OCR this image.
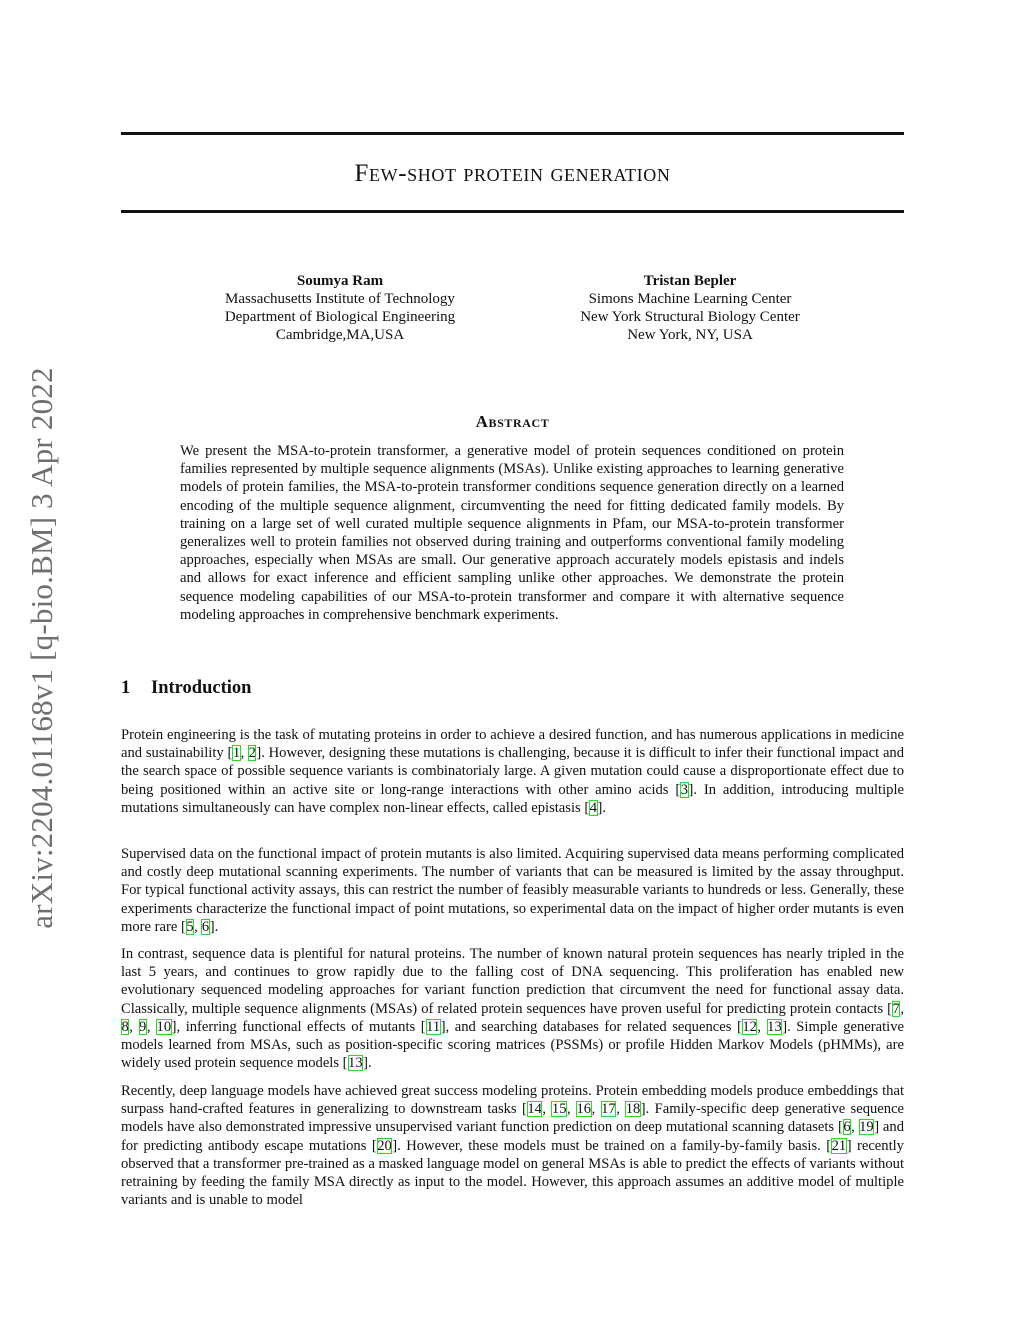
arXiv:2204.01168v1 [q-bio.BM] 3 Apr 2022
Few-shot protein generation
Soumya Ram
Massachusetts Institute of Technology
Department of Biological Engineering
Cambridge,MA,USA
Tristan Bepler
Simons Machine Learning Center
New York Structural Biology Center
New York, NY, USA
Abstract

We present the MSA-to-protein transformer, a generative model of protein sequences conditioned on protein families represented by multiple sequence alignments (MSAs). Unlike existing approaches to learning generative models of protein families, the MSA-to-protein transformer conditions sequence generation directly on a learned encoding of the multiple sequence alignment, circumventing the need for fitting dedicated family models. By training on a large set of well curated multiple sequence alignments in Pfam, our MSA-to-protein transformer generalizes well to protein families not observed during training and outperforms conventional family modeling approaches, especially when MSAs are small. Our generative approach accurately models epistasis and indels and allows for exact inference and efficient sampling unlike other approaches. We demonstrate the protein sequence modeling capabilities of our MSA-to-protein transformer and compare it with alternative sequence modeling approaches in comprehensive benchmark experiments.

1 Introduction

Protein engineering is the task of mutating proteins in order to achieve a desired function, and has numerous applications in medicine and sustainability [1, 2]. However, designing these mutations is challenging, because it is difficult to infer their functional impact and the search space of possible sequence variants is combinatorialy large. A given mutation could cause a disproportionate effect due to being positioned within an active site or long-range interactions with other amino acids [3]. In addition, introducing multiple mutations simultaneously can have complex non-linear effects, called epistasis [4].

Supervised data on the functional impact of protein mutants is also limited. Acquiring supervised data means performing complicated and costly deep mutational scanning experiments. The number of variants that can be measured is limited by the assay throughput. For typical functional activity assays, this can restrict the number of feasibly measurable variants to hundreds or less. Generally, these experiments characterize the functional impact of point mutations, so experimental data on the impact of higher order mutants is even more rare [5, 6].

In contrast, sequence data is plentiful for natural proteins. The number of known natural protein sequences has nearly tripled in the last 5 years, and continues to grow rapidly due to the falling cost of DNA sequencing. This proliferation has enabled new evolutionary sequenced modeling approaches for variant function prediction that circumvent the need for functional assay data. Classically, multiple sequence alignments (MSAs) of related protein sequences have proven useful for predicting protein contacts [7, 8, 9, 10], inferring functional effects of mutants [11], and searching databases for related sequences [12, 13]. Simple generative models learned from MSAs, such as position-specific scoring matrices (PSSMs) or profile Hidden Markov Models (pHMMs), are widely used protein sequence models [13].

Recently, deep language models have achieved great success modeling proteins. Protein embedding models produce embeddings that surpass hand-crafted features in generalizing to downstream tasks [14, 15, 16, 17, 18]. Family-specific deep generative sequence models have also demonstrated impressive unsupervised variant function prediction on deep mutational scanning datasets [6, 19] and for predicting antibody escape mutations [20]. However, these models must be trained on a family-by-family basis. [21] recently observed that a transformer pre-trained as a masked language model on general MSAs is able to predict the effects of variants without retraining by feeding the family MSA directly as input to the model. However, this approach assumes an additive model of multiple variants and is unable to model
